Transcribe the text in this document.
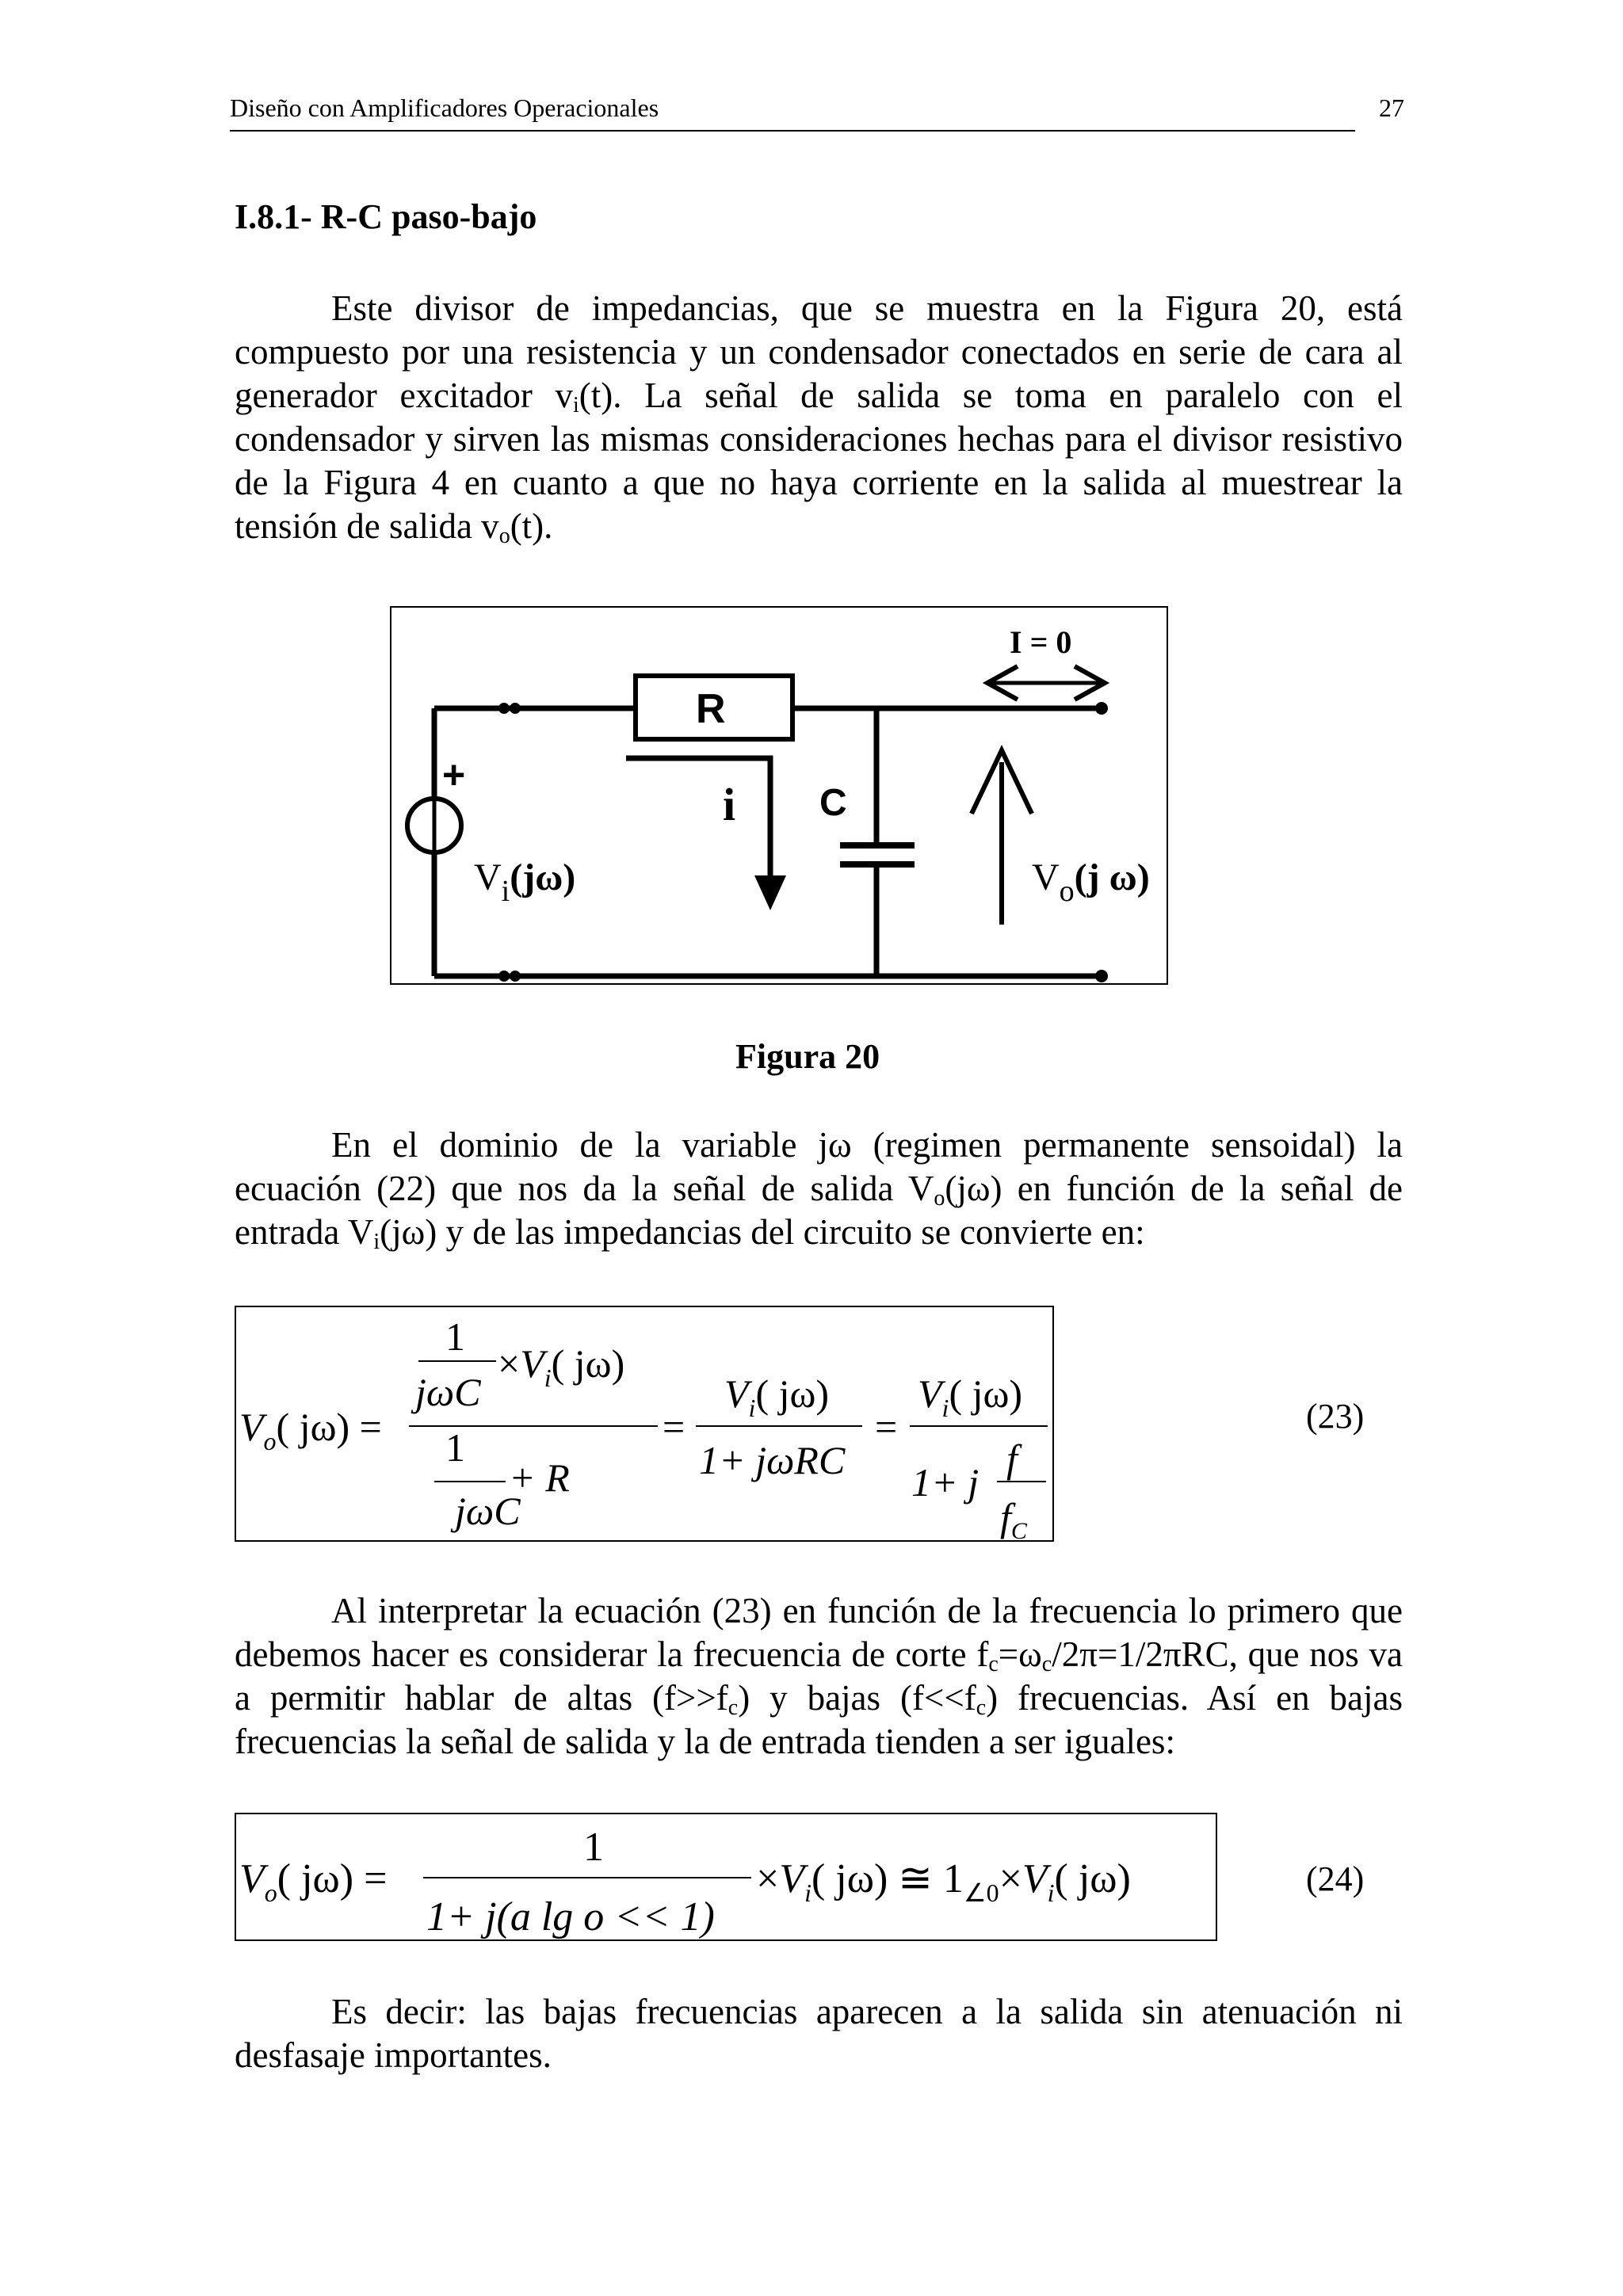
Diseño con Amplificadores Operacionales	27
I.8.1- R-C paso-bajo

Este divisor de impedancias, que se muestra en la Figura 20, está compuesto por una resistencia y un condensador conectados en serie de cara al generador excitador $v_i(t)$. La señal de salida se toma en paralelo con el condensador y sirven las mismas consideraciones hechas para el divisor resistivo de la Figura 4 en cuanto a que no haya corriente en la salida al muestrear la tensión de salida $v_o(t)$.

I = 0
R
C
i
+
$V_i(j\omega)$	$V_o(j$ ω)
Figura 20

En el dominio de la variable jω (regimen permanente sensoidal) la ecuación (22) que nos da la señal de salida $V_o(j\omega)$ en función de la señal de entrada $V_i(j\omega)$ y de las impedancias del circuito se convierte en:

$V_o$( jω) =
1
jωC
$\times V_i$( jω)
1
+ R
jωC
=
$V_i$( jω)
1+ jωRC
=
$V_i$( jω)
1+ j
f
$f_C$
(23)

Al interpretar la ecuación (23) en función de la frecuencia lo primero que debemos hacer es considerar la frecuencia de corte $f_c=\omega_c/2\pi=1/2\pi RC$, que nos va a permitir hablar de altas $(f>>f_c)$ y bajas $(f<<f_c)$ frecuencias. Así en bajas frecuencias la señal de salida y la de entrada tienden a ser iguales:

$V_o$( jω) =
1
1+ j(a lg o << 1)
$\times V_i$( jω) ≅ $1_{\angle 0}\times V_i$( jω)	(24)

Es decir: las bajas frecuencias aparecen a la salida sin atenuación ni desfasaje importantes.
